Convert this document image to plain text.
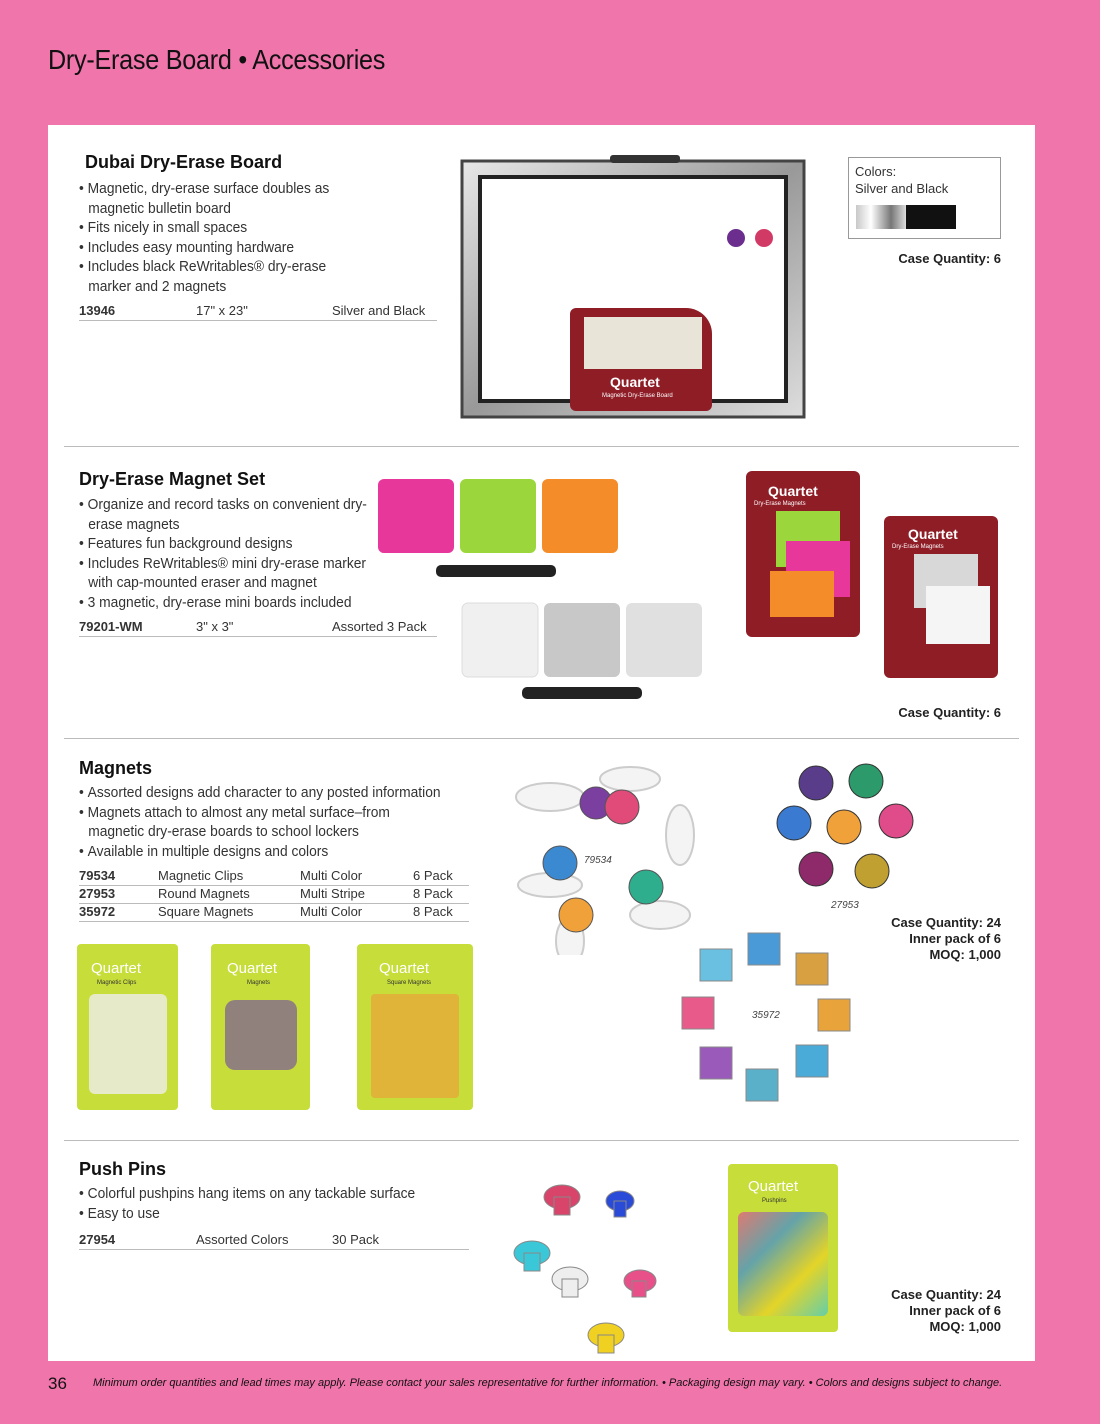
Dry-Erase Board • Accessories
Dubai Dry-Erase Board
• Magnetic, dry-erase surface doubles as magnetic bulletin board
• Fits nicely in small spaces
• Includes easy mounting hardware
• Includes black ReWritables® dry-erase marker and 2 magnets
13946	17" x 23"	Silver and Black
Quartet
Magnetic Dry-Erase Board
Colors:
Silver and Black
Case Quantity: 6
Dry-Erase Magnet Set
• Organize and record tasks on convenient dry-erase magnets
• Features fun background designs
• Includes ReWritables® mini dry-erase marker with cap-mounted eraser and magnet
• 3 magnetic, dry-erase mini boards included
79201-WM	3" x 3"	Assorted 3 Pack
Quartet
Dry-Erase Magnets
Quartet
Dry-Erase Magnets
Case Quantity: 6
Magnets
• Assorted designs add character to any posted information
• Magnets attach to almost any metal surface–from magnetic dry-erase boards to school lockers
• Available in multiple designs and colors
79534	Magnetic Clips	Multi Color	6 Pack
27953	Round Magnets	Multi Stripe	8 Pack
35972	Square Magnets	Multi Color	8 Pack
Quartet
Magnetic Clips
Quartet
Magnets
Quartet
Square Magnets
79534
27953
35972
Case Quantity: 24
Inner pack of 6
MOQ: 1,000
Push Pins
• Colorful pushpins hang items on any tackable surface
• Easy to use
27954	Assorted Colors	30 Pack
Quartet
Pushpins
Case Quantity: 24
Inner pack of 6
MOQ: 1,000
36 Minimum order quantities and lead times may apply. Please contact your sales representative for further information. • Packaging design may vary. • Colors and designs subject to change.
